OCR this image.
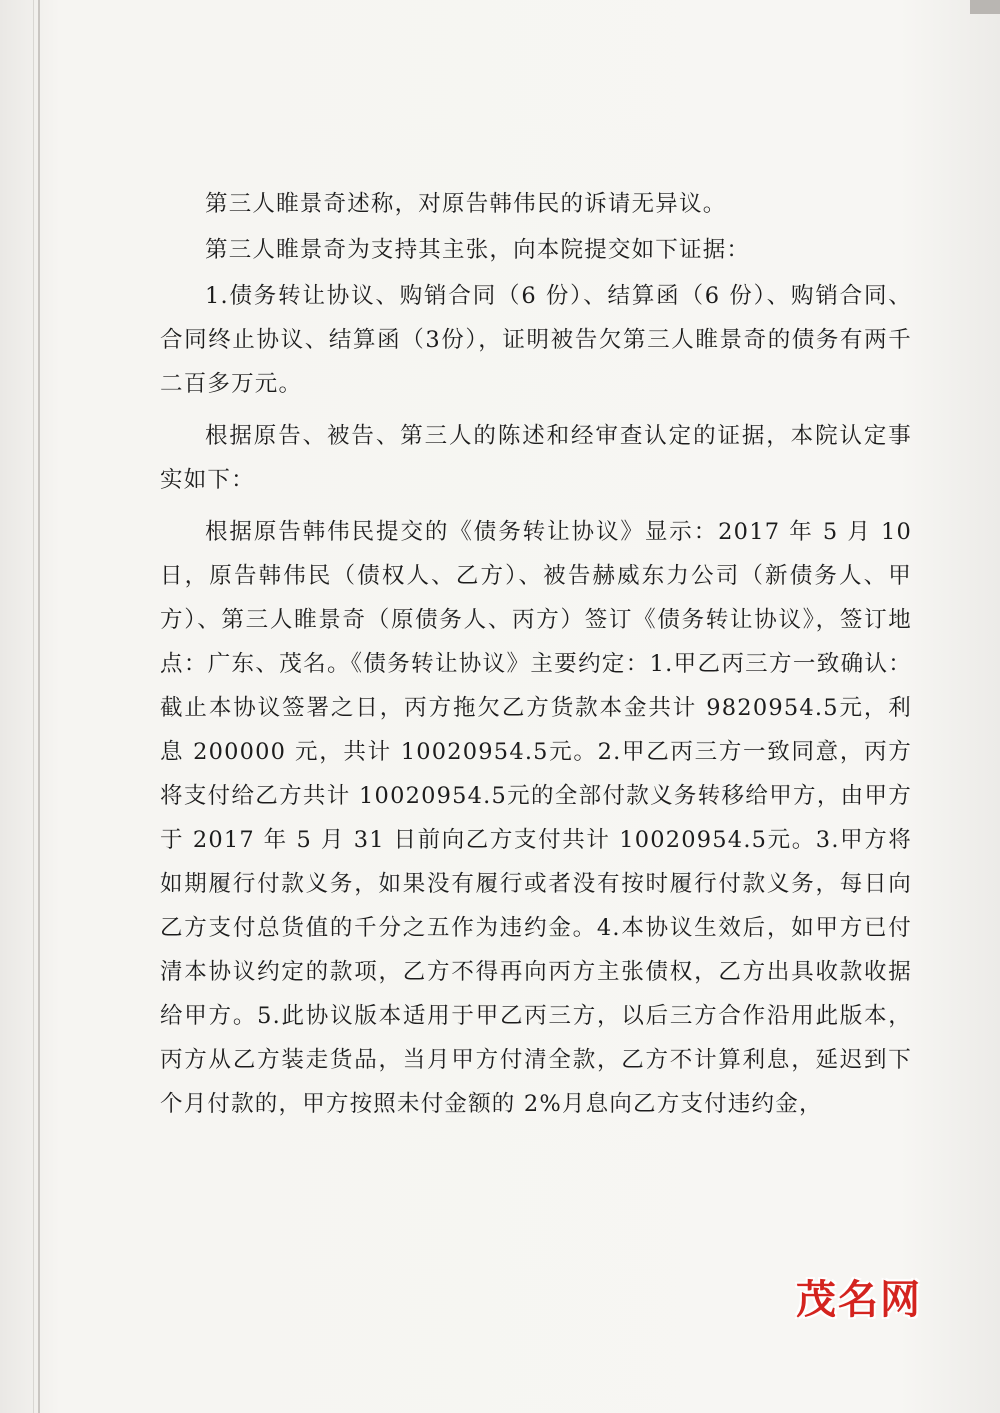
第三人睢景奇述称，对原告韩伟民的诉请无异议。

第三人睢景奇为支持其主张，向本院提交如下证据：

1.债务转让协议、购销合同（6 份）、结算函（6 份）、购销合同、合同终止协议、结算函（3份），证明被告欠第三人睢景奇的债务有两千二百多万元。

根据原告、被告、第三人的陈述和经审查认定的证据，本院认定事实如下：

根据原告韩伟民提交的《债务转让协议》显示：2017 年 5 月 10 日，原告韩伟民（债权人、乙方）、被告赫威东力公司（新债务人、甲方）、第三人睢景奇（原债务人、丙方）签订《债务转让协议》，签订地点：广东、茂名。《债务转让协议》主要约定：1.甲乙丙三方一致确认：截止本协议签署之日，丙方拖欠乙方货款本金共计 9820954.5元，利息 200000 元，共计 10020954.5元。2.甲乙丙三方一致同意，丙方将支付给乙方共计 10020954.5元的全部付款义务转移给甲方，由甲方于 2017 年 5 月 31 日前向乙方支付共计 10020954.5元。3.甲方将如期履行付款义务，如果没有履行或者没有按时履行付款义务，每日向乙方支付总货值的千分之五作为违约金。4.本协议生效后，如甲方已付清本协议约定的款项，乙方不得再向丙方主张债权，乙方出具收款收据给甲方。5.此协议版本适用于甲乙丙三方，以后三方合作沿用此版本，丙方从乙方装走货品，当月甲方付清全款，乙方不计算利息，延迟到下个月付款的，甲方按照未付金额的 2%月息向乙方支付违约金，

茂名网
